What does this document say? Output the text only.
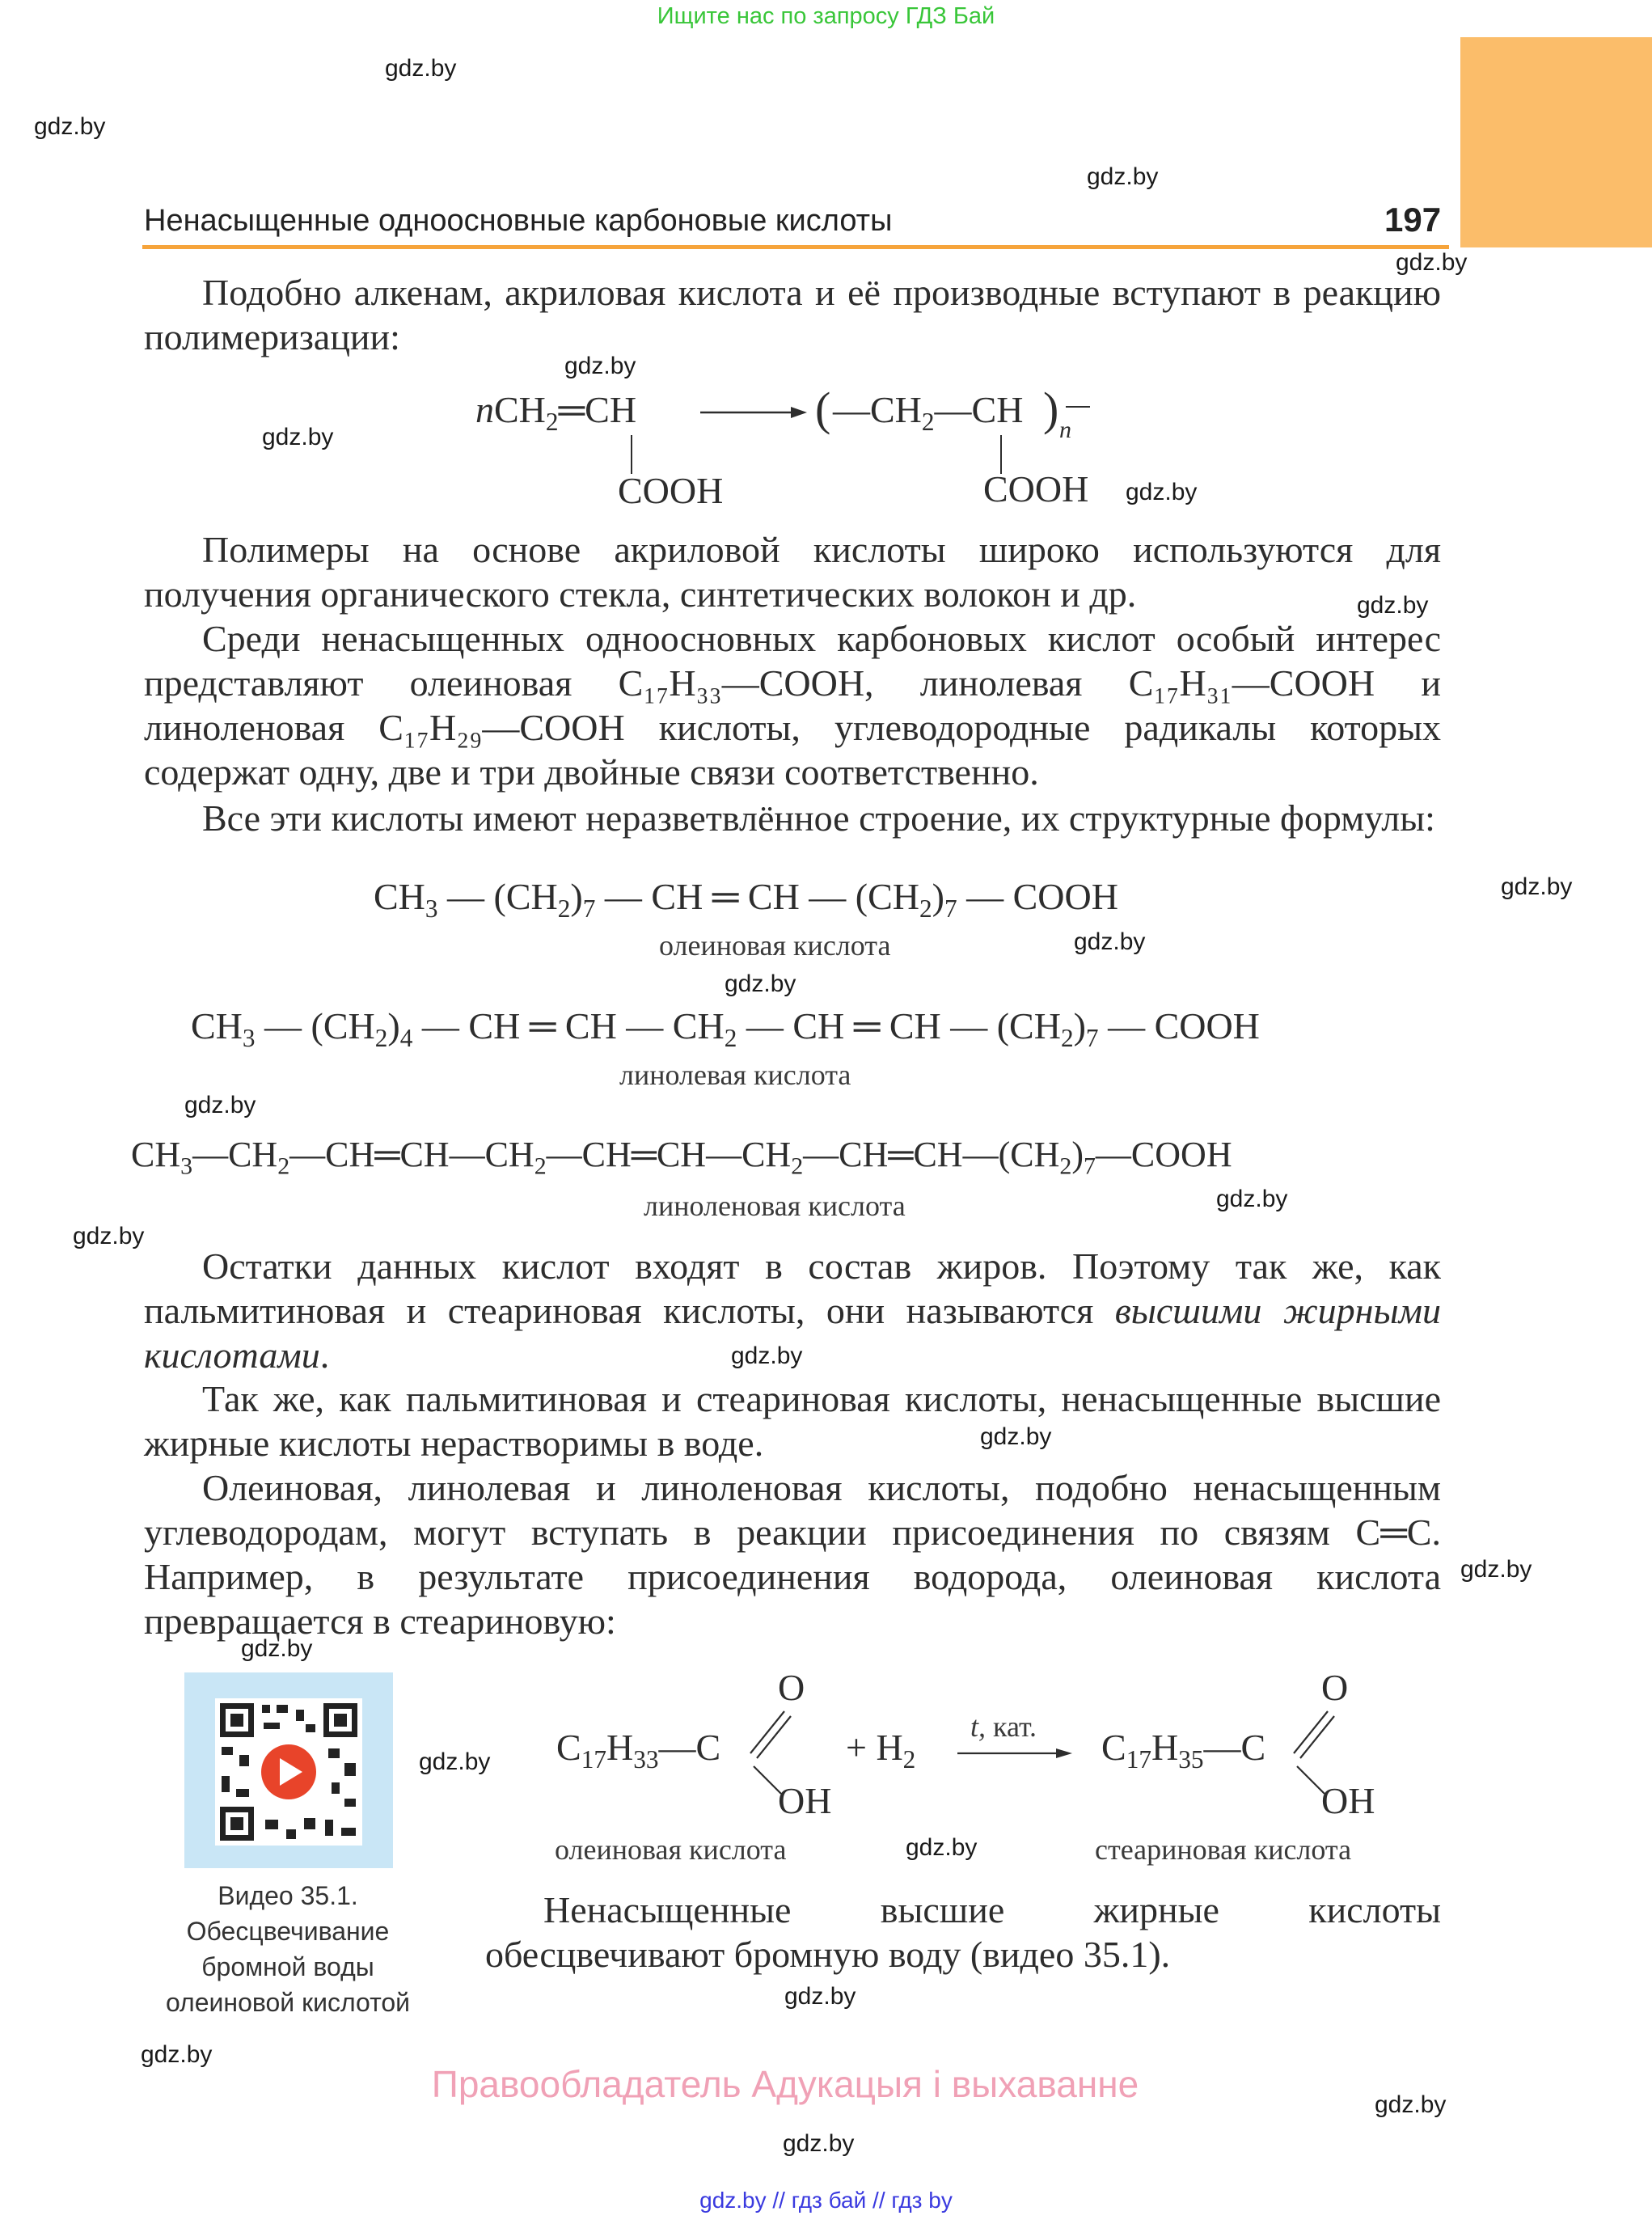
Ищите нас по запросу ГДЗ Бай
Ненасыщенные одноосновные карбоновые кислоты	197
Подобно алкенам, акриловая кислота и её производные вступают в реакцию полимеризации:
nCH$_2$═CH
COOH
( $—CH_2—CH$ ) n
COOH
Полимеры на основе акриловой кислоты широко используются для получения органического стекла, синтетических волокон и др.
Среди ненасыщенных одноосновных карбоновых кислот особый интерес представляют олеиновая C₁₇H₃₃—COOH, линолевая C₁₇H₃₁—COOH и линоленовая C₁₇H₂₉—COOH кислоты, углеводородные радикалы которых содержат одну, две и три двойные связи соответственно.
Все эти кислоты имеют неразветвлённое строение, их структурные формулы:
$CH_3$ — $(CH_2)_7$ — CH ═ CH — $(CH_2)_7$ — COOH
олеиновая кислота
$CH_3$ — $(CH_2)_4$ — CH ═ CH — $CH_2$ — CH ═ CH — $(CH_2)_7$ — COOH
линолевая кислота
$CH_3—CH_2—CH═CH—CH_2—CH═CH—CH_2—CH═CH—(CH_2)_7—COOH$
линоленовая кислота
Остатки данных кислот входят в состав жиров. Поэтому так же, как пальмитиновая и стеариновая кислоты, они называются высшими жирными кислотами.
Так же, как пальмитиновая и стеариновая кислоты, ненасыщенные высшие жирные кислоты нерастворимы в воде.
Олеиновая, линолевая и линоленовая кислоты, подобно ненасыщенным углеводородам, могут вступать в реакции присоединения по связям C═C. Например, в результате присоединения водорода, олеиновая кислота превращается в стеариновую:
Видео 35.1. Обесцвечивание бромной воды олеиновой кислотой
$C_{17}H_{33}—C$
O
OH
+ $H_2$
t, кат. $C_{17}H_{35}—C$
O
OH
олеиновая кислота	стеариновая кислота
Ненасыщенные высшие жирные кислоты обесцвечивают бромную воду (видео 35.1).
Правообладатель Адукацыя і выхаванне
gdz.by // гдз бай // гдз by
gdz.by
gdz.by
gdz.by
gdz.by
gdz.by
gdz.by
gdz.by
gdz.by
gdz.by
gdz.by
gdz.by
gdz.by
gdz.by
gdz.by
gdz.by
gdz.by
gdz.by
gdz.by
gdz.by
gdz.by
gdz.by
gdz.by
gdz.by
gdz.by
